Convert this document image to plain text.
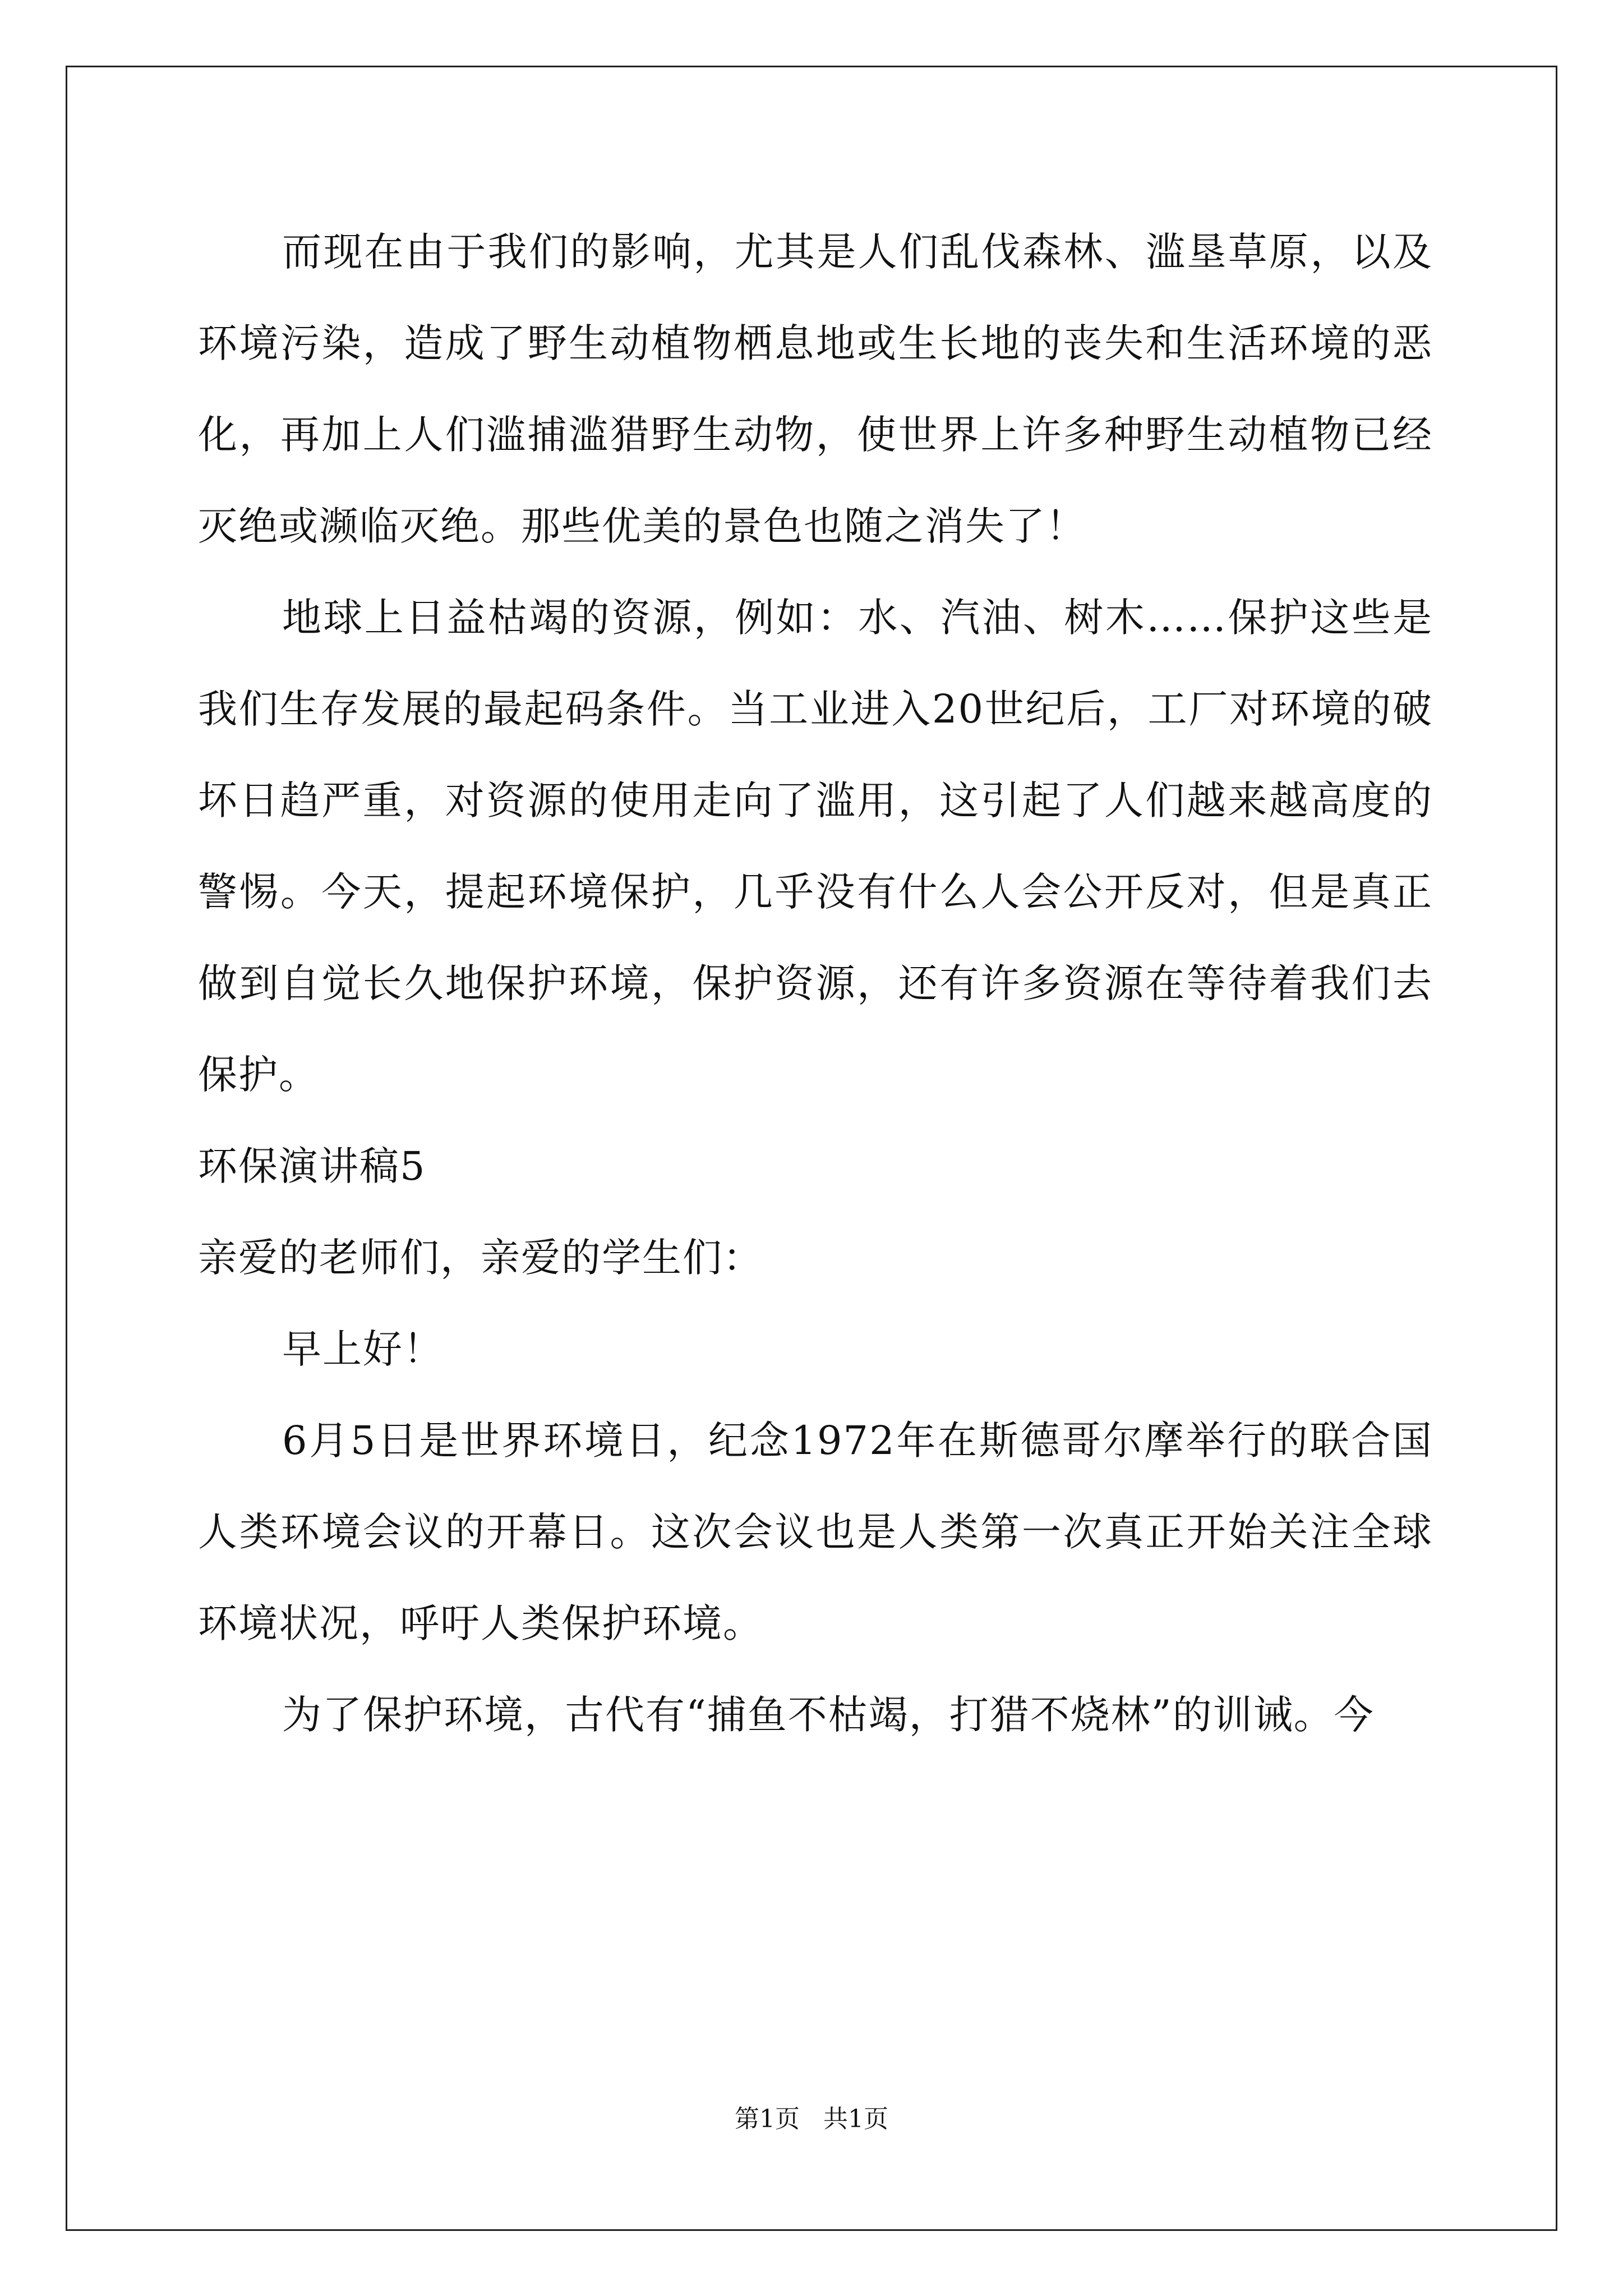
而现在由于我们的影响，尤其是人们乱伐森林、滥垦草原，以及环境污染，造成了野生动植物栖息地或生长地的丧失和生活环境的恶化，再加上人们滥捕滥猎野生动物，使世界上许多种野生动植物已经灭绝或濒临灭绝。那些优美的景色也随之消失了！

地球上日益枯竭的资源，例如：水、汽油、树木……保护这些是我们生存发展的最起码条件。当工业进入20世纪后，工厂对环境的破坏日趋严重，对资源的使用走向了滥用，这引起了人们越来越高度的警惕。今天，提起环境保护，几乎没有什么人会公开反对，但是真正做到自觉长久地保护环境，保护资源，还有许多资源在等待着我们去保护。

环保演讲稿5

亲爱的老师们，亲爱的学生们：

早上好！

6月5日是世界环境日，纪念1972年在斯德哥尔摩举行的联合国人类环境会议的开幕日。这次会议也是人类第一次真正开始关注全球环境状况，呼吁人类保护环境。

为了保护环境，古代有“捕鱼不枯竭，打猎不烧林”的训诫。今

第1页 共1页
